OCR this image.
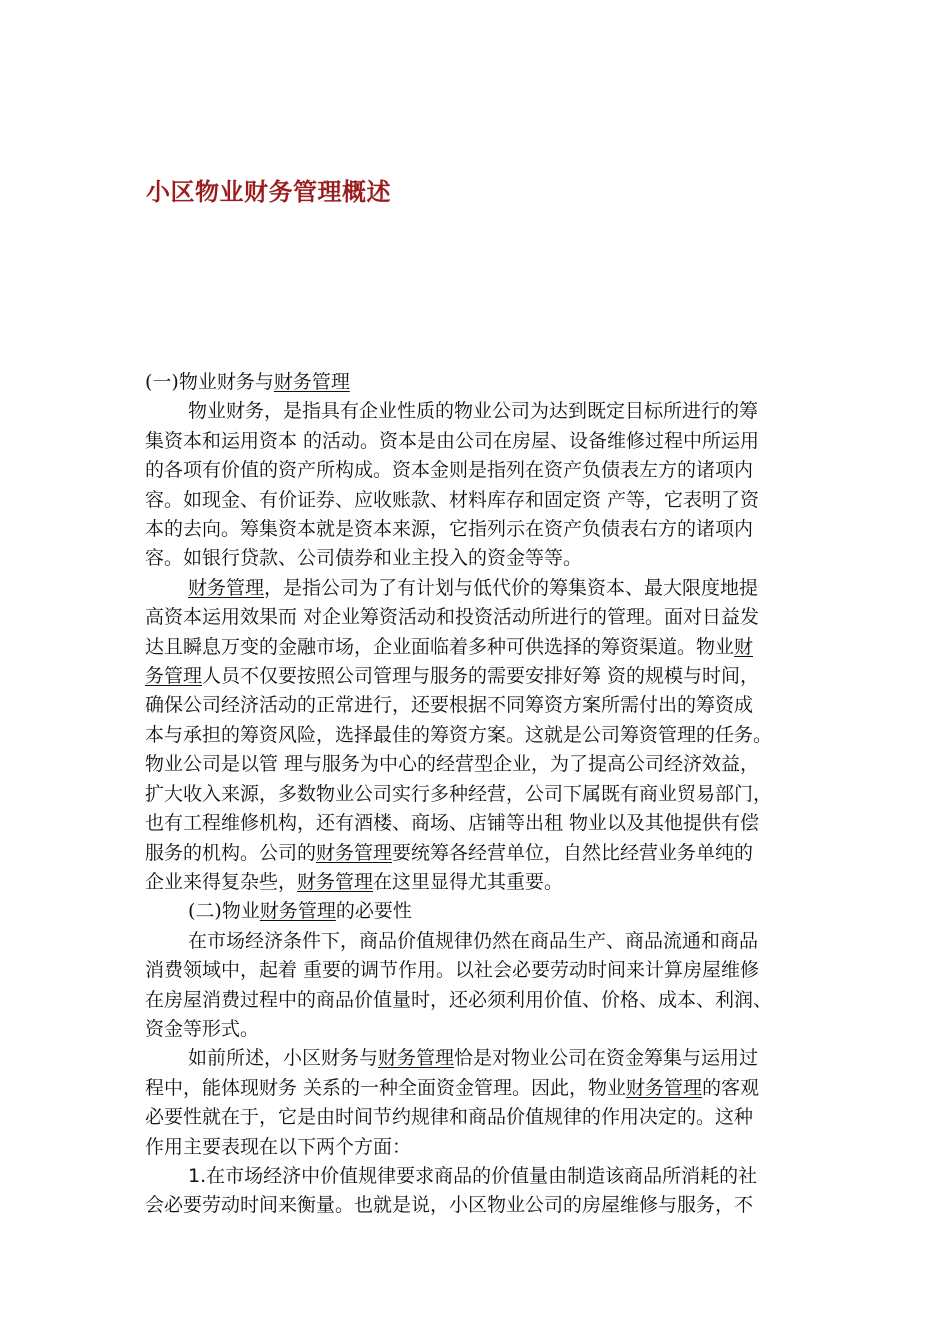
小区物业财务管理概述
(一)物业财务与财务管理
物业财务，是指具有企业性质的物业公司为达到既定目标所进行的筹
集资本和运用资本 的活动。资本是由公司在房屋、设备维修过程中所运用
的各项有价值的资产所构成。资本金则是指列在资产负债表左方的诸项内
容。如现金、有价证券、应收账款、材料库存和固定资 产等，它表明了资
本的去向。筹集资本就是资本来源，它指列示在资产负债表右方的诸项内
容。如银行贷款、公司债券和业主投入的资金等等。
财务管理，是指公司为了有计划与低代价的筹集资本、最大限度地提
高资本运用效果而 对企业筹资活动和投资活动所进行的管理。面对日益发
达且瞬息万变的金融市场，企业面临着多种可供选择的筹资渠道。物业财
务管理人员不仅要按照公司管理与服务的需要安排好筹 资的规模与时间，
确保公司经济活动的正常进行，还要根据不同筹资方案所需付出的筹资成
本与承担的筹资风险，选择最佳的筹资方案。这就是公司筹资管理的任务。
物业公司是以管 理与服务为中心的经营型企业，为了提高公司经济效益，
扩大收入来源，多数物业公司实行多种经营，公司下属既有商业贸易部门，
也有工程维修机构，还有酒楼、商场、店铺等出租 物业以及其他提供有偿
服务的机构。公司的财务管理要统筹各经营单位，自然比经营业务单纯的
企业来得复杂些，财务管理在这里显得尤其重要。
(二)物业财务管理的必要性
在市场经济条件下，商品价值规律仍然在商品生产、商品流通和商品
消费领域中，起着 重要的调节作用。以社会必要劳动时间来计算房屋维修
在房屋消费过程中的商品价值量时，还必须利用价值、价格、成本、利润、
资金等形式。
如前所述，小区财务与财务管理恰是对物业公司在资金筹集与运用过
程中，能体现财务 关系的一种全面资金管理。因此，物业财务管理的客观
必要性就在于，它是由时间节约规律和商品价值规律的作用决定的。这种
作用主要表现在以下两个方面：
1.在市场经济中价值规律要求商品的价值量由制造该商品所消耗的社
会必要劳动时间来衡量。也就是说，小区物业公司的房屋维修与服务，不
